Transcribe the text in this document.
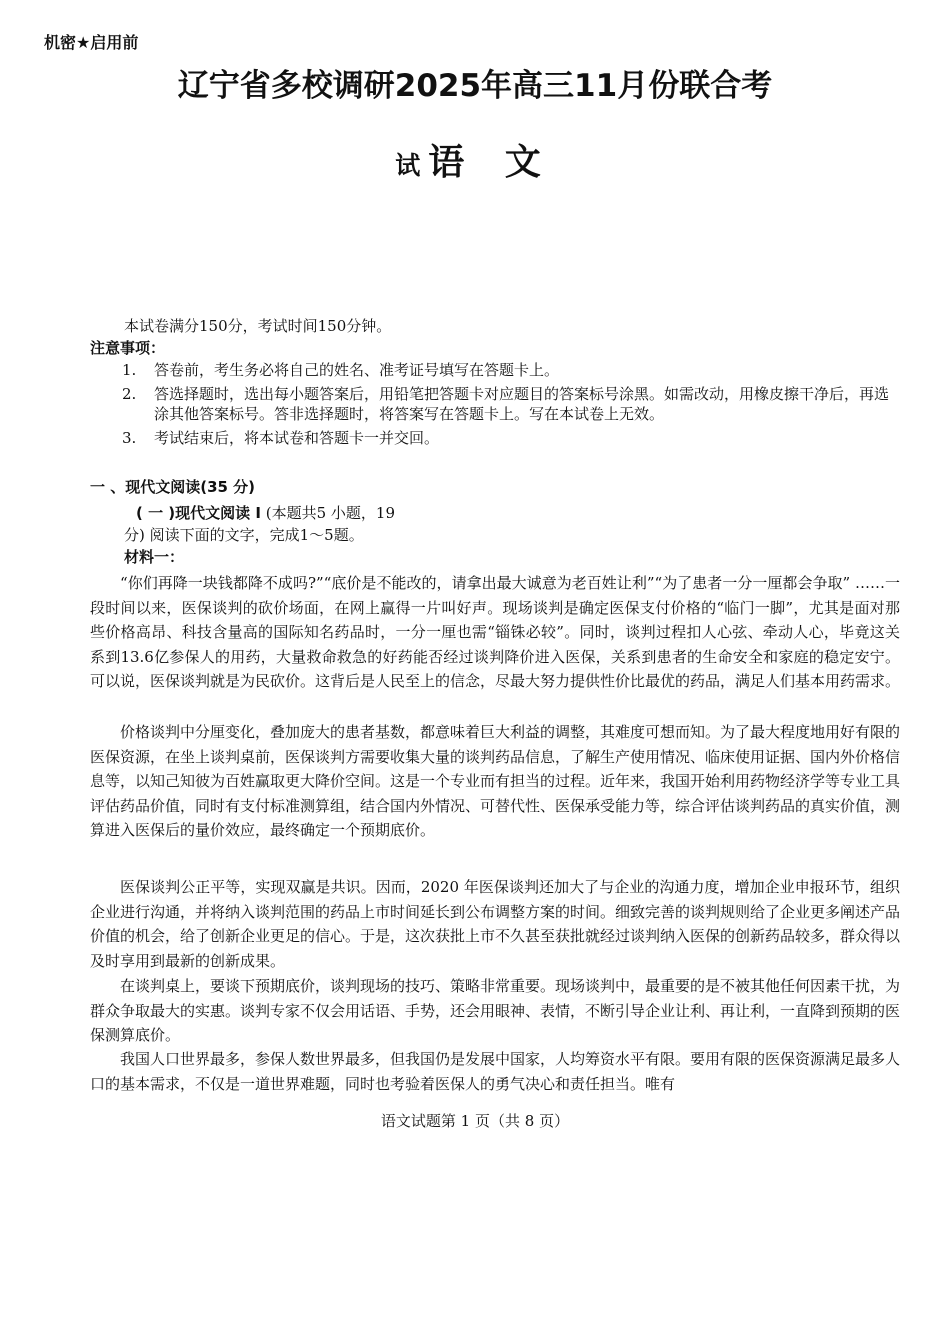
机密★启用前
辽宁省多校调研2025年高三11月份联合考
试 语 文
本试卷满分150分，考试时间150分钟。
注意事项：
1. 答卷前，考生务必将自己的姓名、准考证号填写在答题卡上。
2. 答选择题时，选出每小题答案后，用铅笔把答题卡对应题目的答案标号涂黑。如需改动，用橡皮擦干净后，再选涂其他答案标号。答非选择题时，将答案写在答题卡上。写在本试卷上无效。
3. 考试结束后，将本试卷和答题卡一并交回。
一 、现代文阅读(35 分)
( 一 )现代文阅读 Ⅰ (本题共5 小题，19
分) 阅读下面的文字，完成1～5题。
材料一：
“你们再降一块钱都降不成吗?”“底价是不能改的，请拿出最大诚意为老百姓让利”“为了患者一分一厘都会争取” ……一段时间以来，医保谈判的砍价场面，在网上赢得一片叫好声。现场谈判是确定医保支付价格的“临门一脚”，尤其是面对那些价格高昂、科技含量高的国际知名药品时，一分一厘也需“锱铢必较”。同时，谈判过程扣人心弦、牵动人心，毕竟这关系到13.6亿参保人的用药，大量救命救急的好药能否经过谈判降价进入医保，关系到患者的生命安全和家庭的稳定安宁。可以说，医保谈判就是为民砍价。这背后是人民至上的信念，尽最大努力提供性价比最优的药品，满足人们基本用药需求。
价格谈判中分厘变化，叠加庞大的患者基数，都意味着巨大利益的调整，其难度可想而知。为了最大程度地用好有限的医保资源，在坐上谈判桌前，医保谈判方需要收集大量的谈判药品信息，了解生产使用情况、临床使用证据、国内外价格信息等，以知己知彼为百姓赢取更大降价空间。这是一个专业而有担当的过程。近年来，我国开始利用药物经济学等专业工具评估药品价值，同时有支付标准测算组，结合国内外情况、可替代性、医保承受能力等，综合评估谈判药品的真实价值，测算进入医保后的量价效应，最终确定一个预期底价。
医保谈判公正平等，实现双赢是共识。因而，2020 年医保谈判还加大了与企业的沟通力度，增加企业申报环节，组织企业进行沟通，并将纳入谈判范围的药品上市时间延长到公布调整方案的时间。细致完善的谈判规则给了企业更多阐述产品价值的机会，给了创新企业更足的信心。于是，这次获批上市不久甚至获批就经过谈判纳入医保的创新药品较多，群众得以及时享用到最新的创新成果。
在谈判桌上，要谈下预期底价，谈判现场的技巧、策略非常重要。现场谈判中，最重要的是不被其他任何因素干扰，为群众争取最大的实惠。谈判专家不仅会用话语、手势，还会用眼神、表情，不断引导企业让利、再让利，一直降到预期的医保测算底价。
我国人口世界最多，参保人数世界最多，但我国仍是发展中国家，人均筹资水平有限。要用有限的医保资源满足最多人口的基本需求，不仅是一道世界难题，同时也考验着医保人的勇气决心和责任担当。唯有
语文试题第 1 页（共 8 页）
